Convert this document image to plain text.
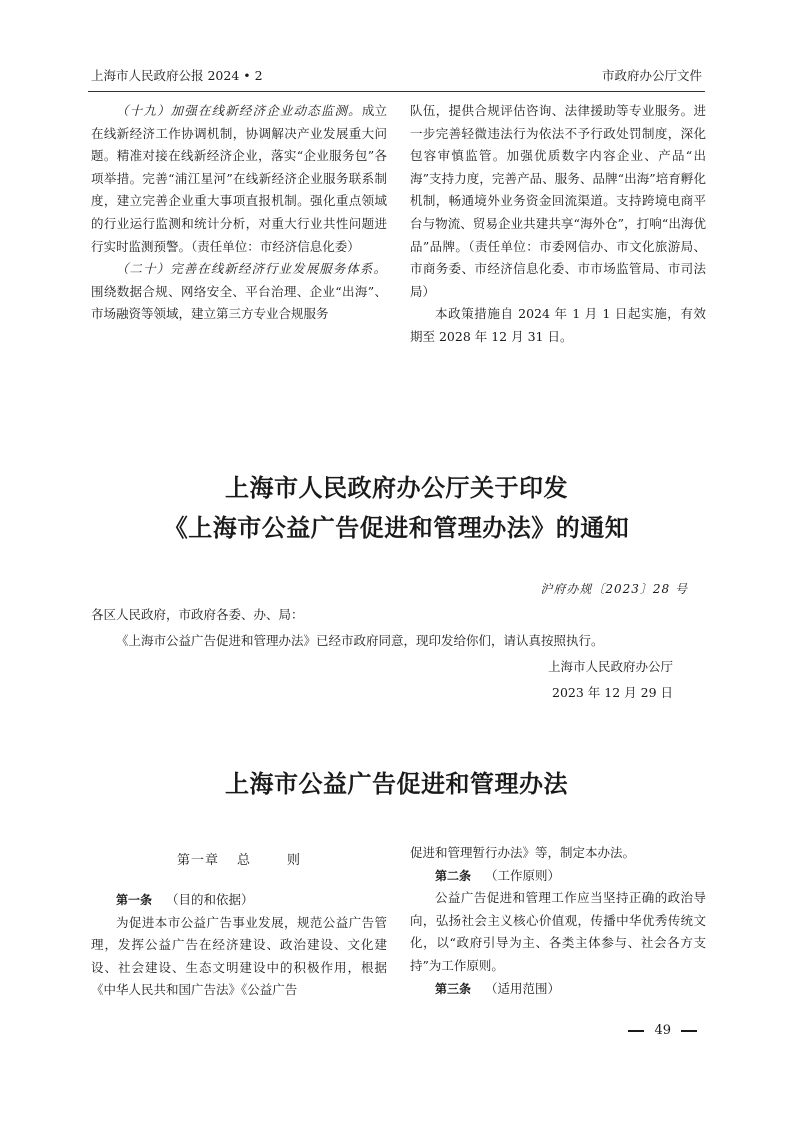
上海市人民政府公报 2024 • 2	市政府办公厅文件

（十九）加强在线新经济企业动态监测。成立在线新经济工作协调机制，协调解决产业发展重大问题。精准对接在线新经济企业，落实“企业服务包”各项举措。完善“浦江星河”在线新经济企业服务联系制度，建立完善企业重大事项直报机制。强化重点领域的行业运行监测和统计分析，对重大行业共性问题进行实时监测预警。（责任单位：市经济信息化委）

（二十）完善在线新经济行业发展服务体系。围绕数据合规、网络安全、平台治理、企业“出海”、市场融资等领域，建立第三方专业合规服务

队伍，提供合规评估咨询、法律援助等专业服务。进一步完善轻微违法行为依法不予行政处罚制度，深化包容审慎监管。加强优质数字内容企业、产品“出海”支持力度，完善产品、服务、品牌“出海”培育孵化机制，畅通境外业务资金回流渠道。支持跨境电商平台与物流、贸易企业共建共享“海外仓”，打响“出海优品”品牌。（责任单位：市委网信办、市文化旅游局、市商务委、市经济信息化委、市市场监管局、市司法局）

本政策措施自 2024 年 1 月 1 日起实施，有效期至 2028 年 12 月 31 日。

上海市人民政府办公厅关于印发
《上海市公益广告促进和管理办法》的通知
沪府办规〔2023〕28 号
各区人民政府，市政府各委、办、局：
《上海市公益广告促进和管理办法》已经市政府同意，现印发给你们，请认真按照执行。
上海市人民政府办公厅
2023 年 12 月 29 日
上海市公益广告促进和管理办法
第一章 总	则

第一条 （目的和依据）

为促进本市公益广告事业发展，规范公益广告管理，发挥公益广告在经济建设、政治建设、文化建设、社会建设、生态文明建设中的积极作用，根据《中华人民共和国广告法》《公益广告

促进和管理暂行办法》等，制定本办法。

第二条 （工作原则）

公益广告促进和管理工作应当坚持正确的政治导向，弘扬社会主义核心价值观，传播中华优秀传统文化，以“政府引导为主、各类主体参与、社会各方支持”为工作原则。

第三条 （适用范围）

49
